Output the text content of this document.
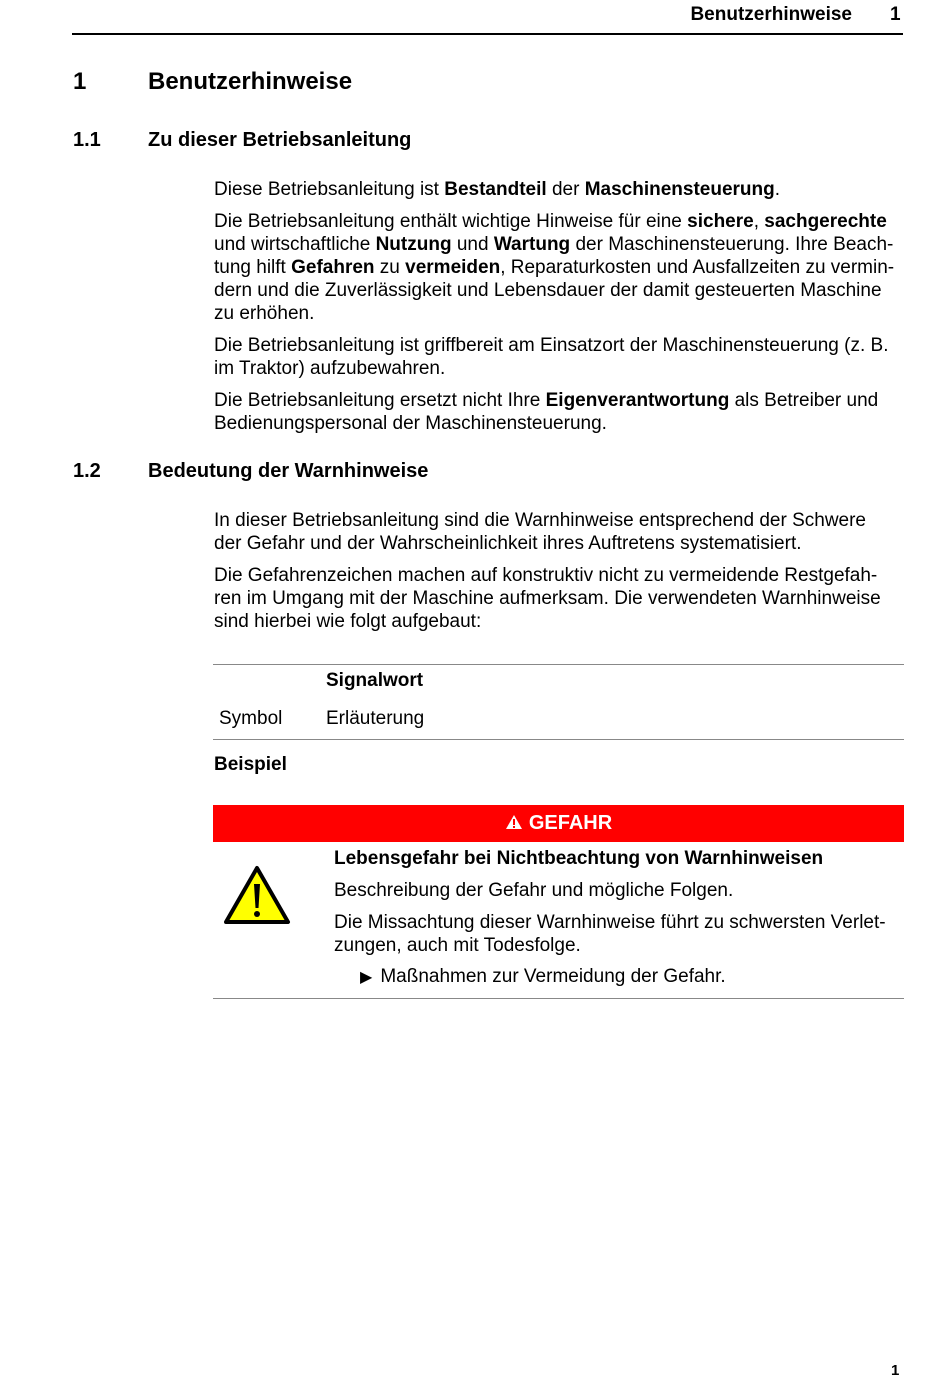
Benutzerhinweise 1
1	Benutzerhinweise
1.1 Zu dieser Betriebsanleitung
Diese Betriebsanleitung ist Bestandteil der Maschinensteuerung.
Die Betriebsanleitung enthält wichtige Hinweise für eine sichere, sachgerechte
und wirtschaftliche Nutzung und Wartung der Maschinensteuerung. Ihre Beach-
tung hilft Gefahren zu vermeiden, Reparaturkosten und Ausfallzeiten zu vermin-
dern und die Zuverlässigkeit und Lebensdauer der damit gesteuerten Maschine
zu erhöhen.
Die Betriebsanleitung ist griffbereit am Einsatzort der Maschinensteuerung (z. B.
im Traktor) aufzubewahren.
Die Betriebsanleitung ersetzt nicht Ihre Eigenverantwortung als Betreiber und
Bedienungspersonal der Maschinensteuerung.
1.2 Bedeutung der Warnhinweise
In dieser Betriebsanleitung sind die Warnhinweise entsprechend der Schwere
der Gefahr und der Wahrscheinlichkeit ihres Auftretens systematisiert.
Die Gefahrenzeichen machen auf konstruktiv nicht zu vermeidende Restgefah-
ren im Umgang mit der Maschine aufmerksam. Die verwendeten Warnhinweise
sind hierbei wie folgt aufgebaut:
Signalwort
Symbol Erläuterung
Beispiel
GEFAHR
Lebensgefahr bei Nichtbeachtung von Warnhinweisen
Beschreibung der Gefahr und mögliche Folgen.
Die Missachtung dieser Warnhinweise führt zu schwersten Verlet-
zungen, auch mit Todesfolge.
▶ Maßnahmen zur Vermeidung der Gefahr.
1
